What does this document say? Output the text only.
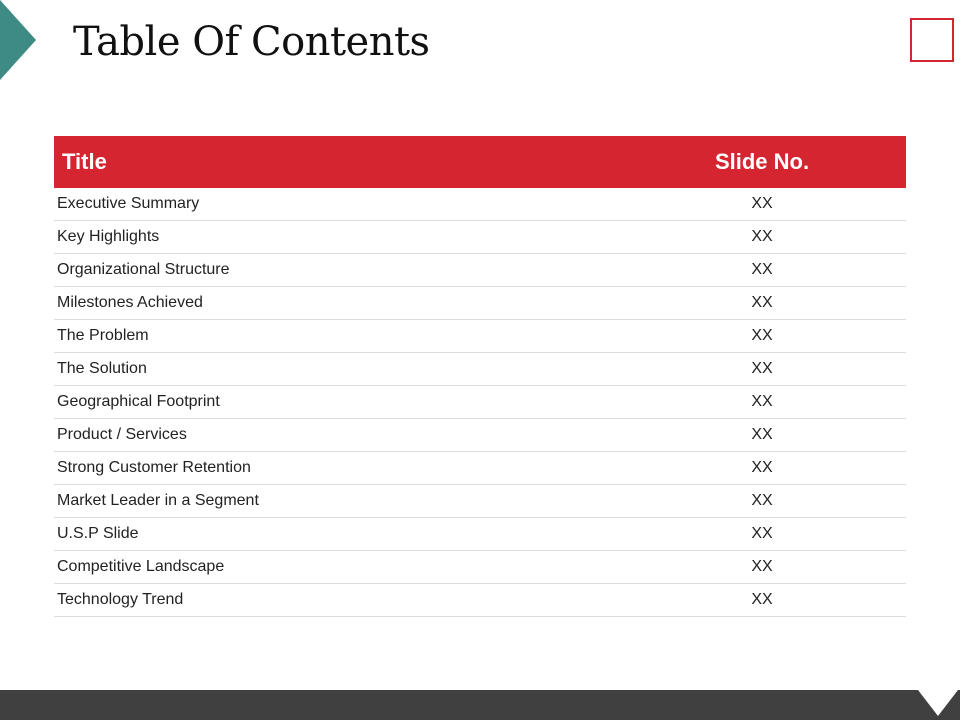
Table Of Contents
Title	Slide No.
Executive Summary	XX
Key Highlights	XX
Organizational Structure	XX
Milestones Achieved	XX
The Problem	XX
The Solution	XX
Geographical Footprint	XX
Product / Services	XX
Strong Customer Retention	XX
Market Leader in a Segment	XX
U.S.P Slide	XX
Competitive Landscape	XX
Technology Trend	XX
